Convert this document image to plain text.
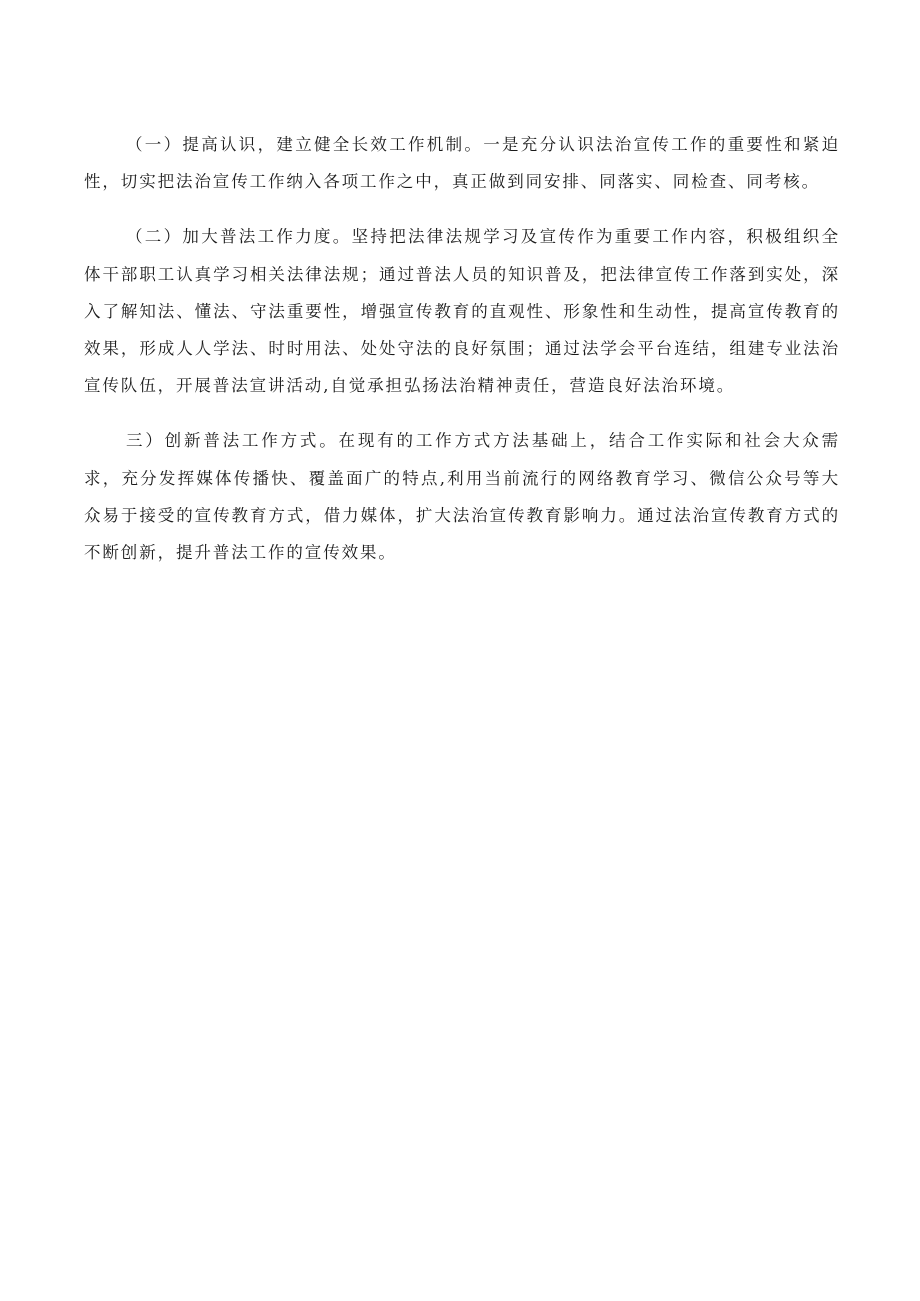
（一）提高认识，建立健全长效工作机制。一是充分认识法治宣传工作的重要性和紧迫性，切实把法治宣传工作纳入各项工作之中，真正做到同安排、同落实、同检查、同考核。

（二）加大普法工作力度。坚持把法律法规学习及宣传作为重要工作内容，积极组织全体干部职工认真学习相关法律法规；通过普法人员的知识普及，把法律宣传工作落到实处，深入了解知法、懂法、守法重要性，增强宣传教育的直观性、形象性和生动性，提高宣传教育的效果，形成人人学法、时时用法、处处守法的良好氛围；通过法学会平台连结，组建专业法治宣传队伍，开展普法宣讲活动,自觉承担弘扬法治精神责任，营造良好法治环境。

三）创新普法工作方式。在现有的工作方式方法基础上，结合工作实际和社会大众需求，充分发挥媒体传播快、覆盖面广的特点,利用当前流行的网络教育学习、微信公众号等大众易于接受的宣传教育方式，借力媒体，扩大法治宣传教育影响力。通过法治宣传教育方式的不断创新，提升普法工作的宣传效果。
